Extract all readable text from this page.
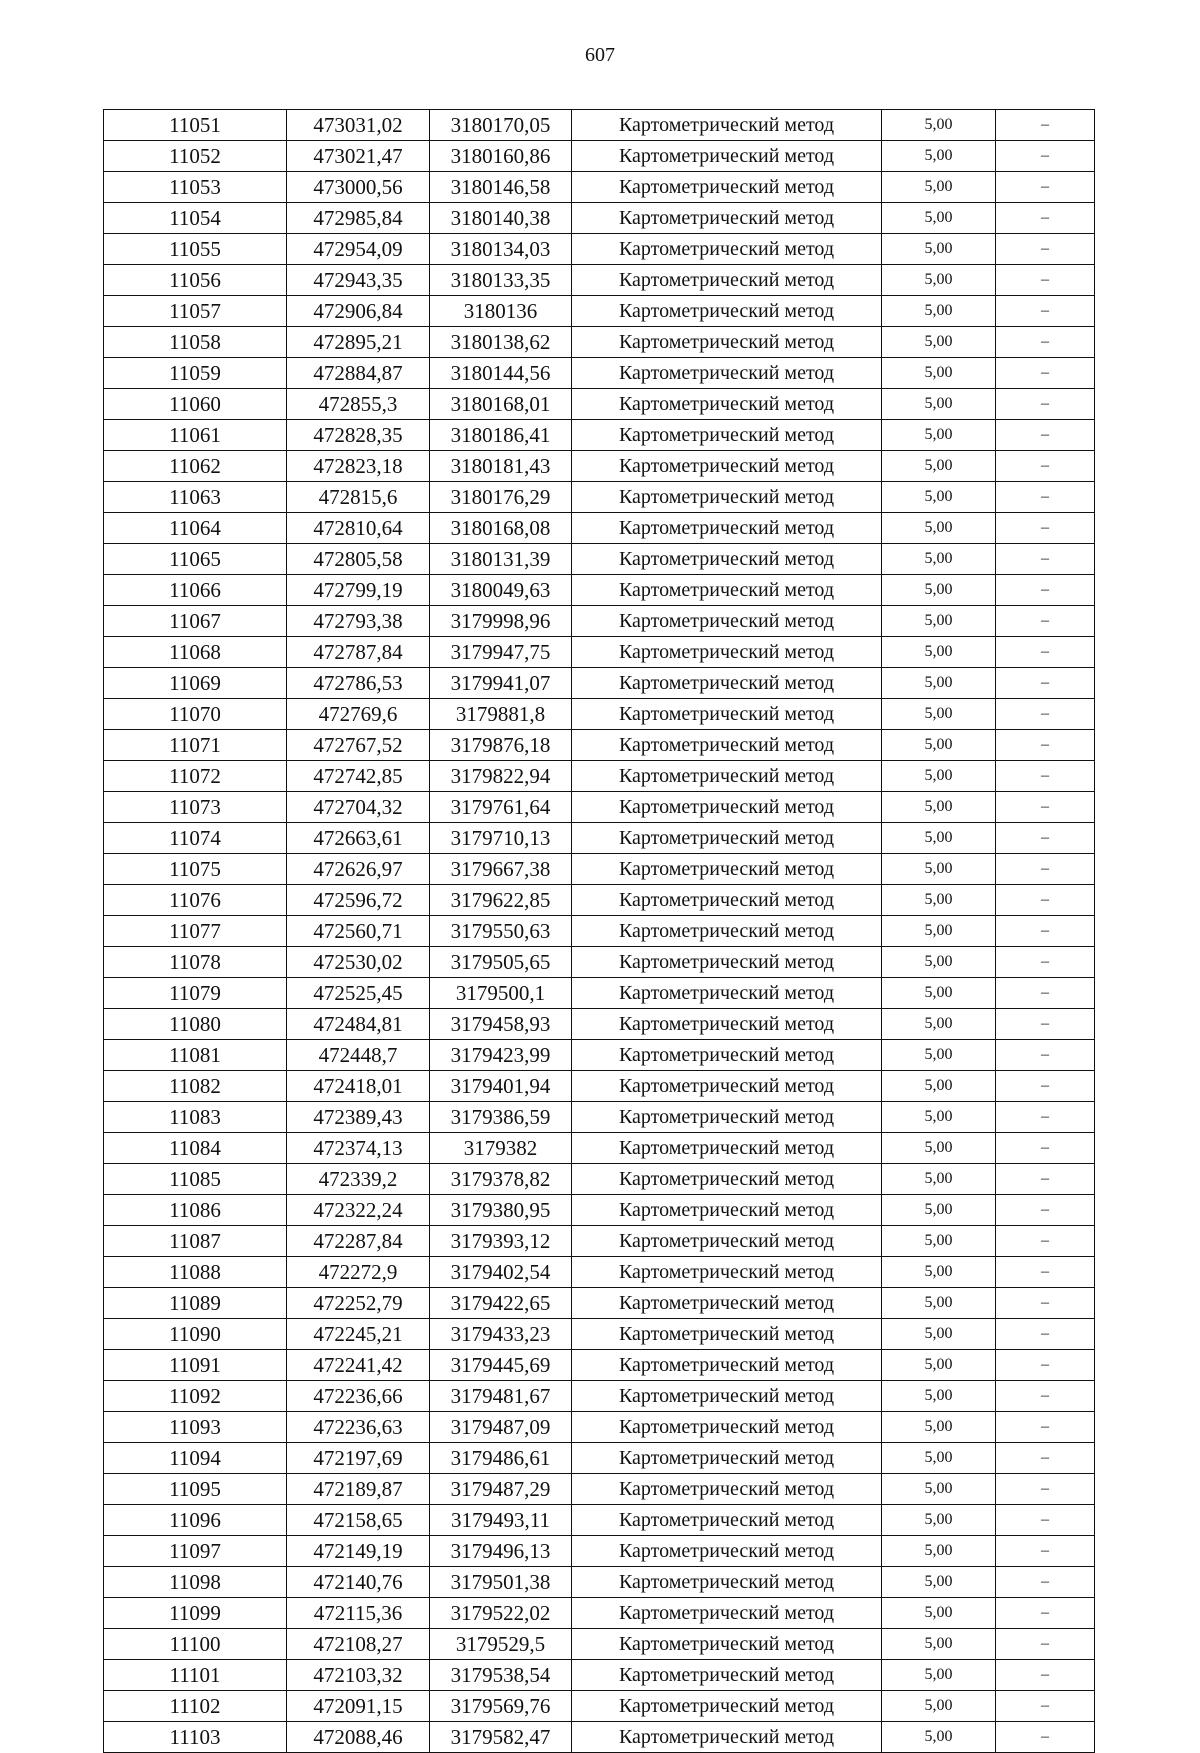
607
11051	473031,02	3180170,05	Картометрический метод	5,00	–
11052	473021,47	3180160,86	Картометрический метод	5,00	–
11053	473000,56	3180146,58	Картометрический метод	5,00	–
11054	472985,84	3180140,38	Картометрический метод	5,00	–
11055	472954,09	3180134,03	Картометрический метод	5,00	–
11056	472943,35	3180133,35	Картометрический метод	5,00	–
11057	472906,84	3180136	Картометрический метод	5,00	–
11058	472895,21	3180138,62	Картометрический метод	5,00	–
11059	472884,87	3180144,56	Картометрический метод	5,00	–
11060	472855,3	3180168,01	Картометрический метод	5,00	–
11061	472828,35	3180186,41	Картометрический метод	5,00	–
11062	472823,18	3180181,43	Картометрический метод	5,00	–
11063	472815,6	3180176,29	Картометрический метод	5,00	–
11064	472810,64	3180168,08	Картометрический метод	5,00	–
11065	472805,58	3180131,39	Картометрический метод	5,00	–
11066	472799,19	3180049,63	Картометрический метод	5,00	–
11067	472793,38	3179998,96	Картометрический метод	5,00	–
11068	472787,84	3179947,75	Картометрический метод	5,00	–
11069	472786,53	3179941,07	Картометрический метод	5,00	–
11070	472769,6	3179881,8	Картометрический метод	5,00	–
11071	472767,52	3179876,18	Картометрический метод	5,00	–
11072	472742,85	3179822,94	Картометрический метод	5,00	–
11073	472704,32	3179761,64	Картометрический метод	5,00	–
11074	472663,61	3179710,13	Картометрический метод	5,00	–
11075	472626,97	3179667,38	Картометрический метод	5,00	–
11076	472596,72	3179622,85	Картометрический метод	5,00	–
11077	472560,71	3179550,63	Картометрический метод	5,00	–
11078	472530,02	3179505,65	Картометрический метод	5,00	–
11079	472525,45	3179500,1	Картометрический метод	5,00	–
11080	472484,81	3179458,93	Картометрический метод	5,00	–
11081	472448,7	3179423,99	Картометрический метод	5,00	–
11082	472418,01	3179401,94	Картометрический метод	5,00	–
11083	472389,43	3179386,59	Картометрический метод	5,00	–
11084	472374,13	3179382	Картометрический метод	5,00	–
11085	472339,2	3179378,82	Картометрический метод	5,00	–
11086	472322,24	3179380,95	Картометрический метод	5,00	–
11087	472287,84	3179393,12	Картометрический метод	5,00	–
11088	472272,9	3179402,54	Картометрический метод	5,00	–
11089	472252,79	3179422,65	Картометрический метод	5,00	–
11090	472245,21	3179433,23	Картометрический метод	5,00	–
11091	472241,42	3179445,69	Картометрический метод	5,00	–
11092	472236,66	3179481,67	Картометрический метод	5,00	–
11093	472236,63	3179487,09	Картометрический метод	5,00	–
11094	472197,69	3179486,61	Картометрический метод	5,00	–
11095	472189,87	3179487,29	Картометрический метод	5,00	–
11096	472158,65	3179493,11	Картометрический метод	5,00	–
11097	472149,19	3179496,13	Картометрический метод	5,00	–
11098	472140,76	3179501,38	Картометрический метод	5,00	–
11099	472115,36	3179522,02	Картометрический метод	5,00	–
11100	472108,27	3179529,5	Картометрический метод	5,00	–
11101	472103,32	3179538,54	Картометрический метод	5,00	–
11102	472091,15	3179569,76	Картометрический метод	5,00	–
11103	472088,46	3179582,47	Картометрический метод	5,00	–
